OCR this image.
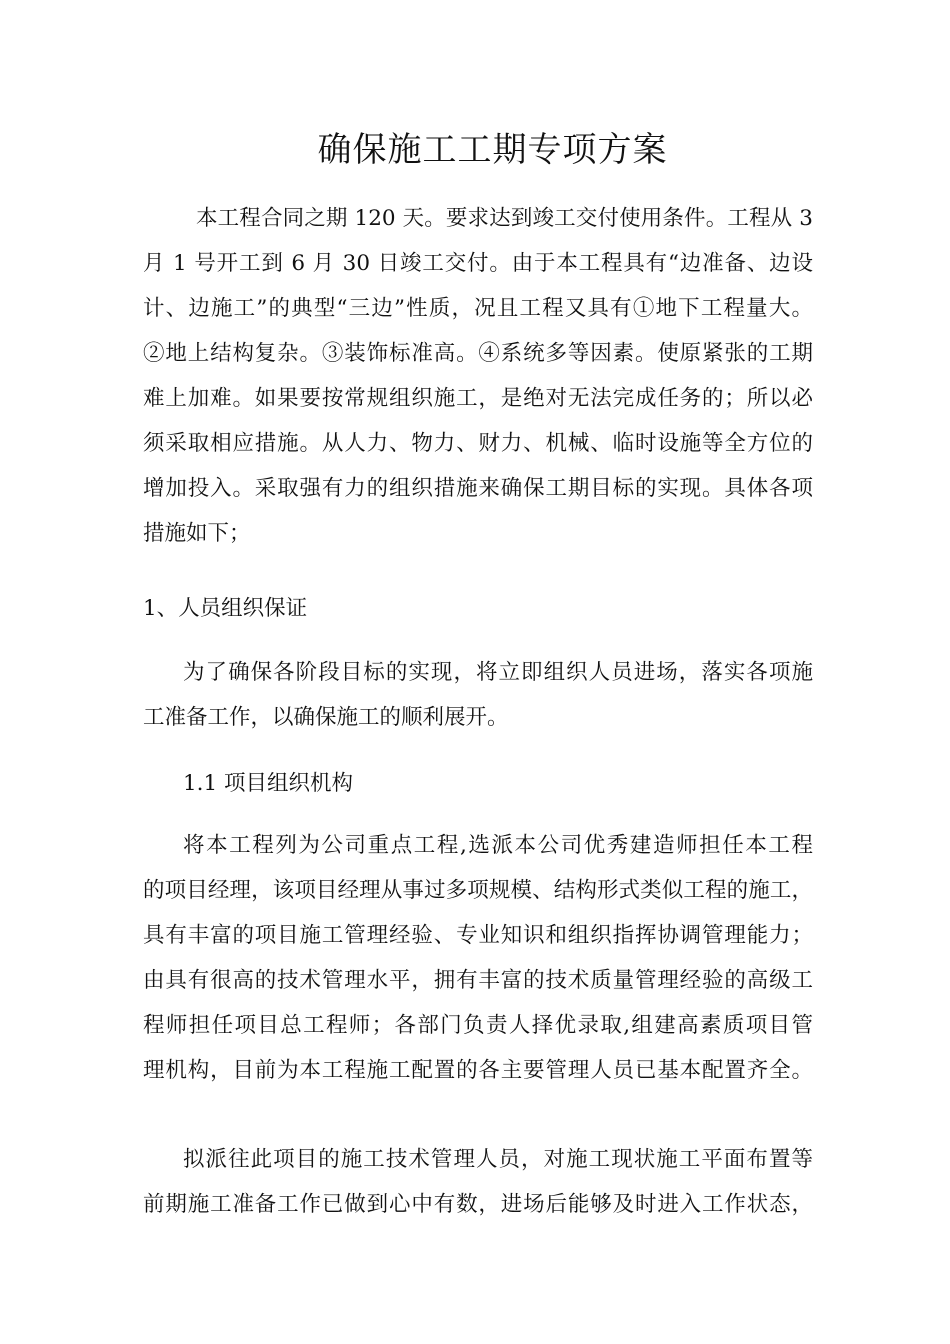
确保施工工期专项方案

本工程合同之期 120 天。要求达到竣工交付使用条件。工程从 3
月 1 号开工到 6 月 30 日竣工交付。由于本工程具有“边准备、边设
计、边施工”的典型“三边”性质，况且工程又具有①地下工程量大。
②地上结构复杂。③装饰标准高。④系统多等因素。使原紧张的工期
难上加难。如果要按常规组织施工，是绝对无法完成任务的；所以必
须采取相应措施。从人力、物力、财力、机械、临时设施等全方位的
增加投入。采取强有力的组织措施来确保工期目标的实现。具体各项
措施如下；

1、人员组织保证

为了确保各阶段目标的实现，将立即组织人员进场，落实各项施
工准备工作，以确保施工的顺利展开。

1.1 项目组织机构

将本工程列为公司重点工程,选派本公司优秀建造师担任本工程
的项目经理，该项目经理从事过多项规模、结构形式类似工程的施工，
具有丰富的项目施工管理经验、专业知识和组织指挥协调管理能力；
由具有很高的技术管理水平，拥有丰富的技术质量管理经验的高级工
程师担任项目总工程师；各部门负责人择优录取,组建高素质项目管
理机构，目前为本工程施工配置的各主要管理人员已基本配置齐全。

拟派往此项目的施工技术管理人员，对施工现状施工平面布置等
前期施工准备工作已做到心中有数，进场后能够及时进入工作状态，
